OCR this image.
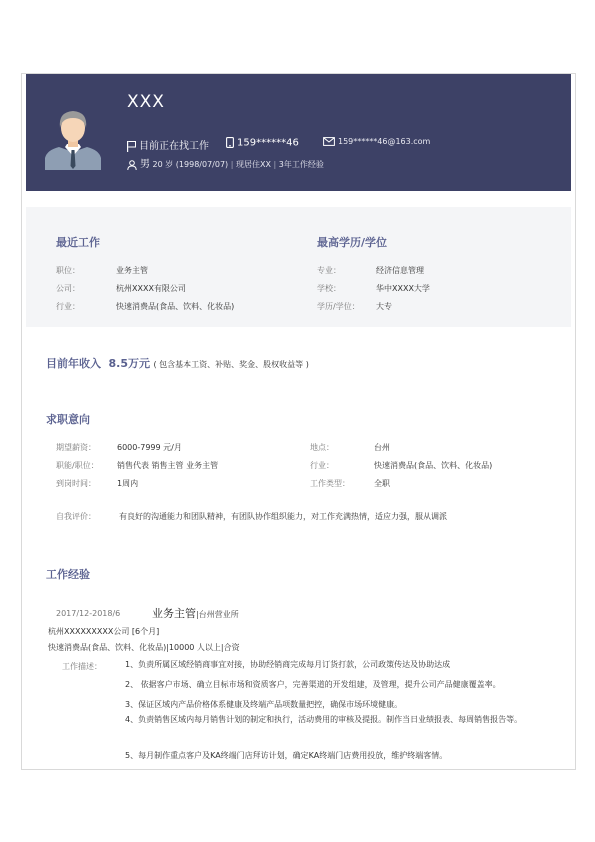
XXX
目前正在找工作	159******46	159******46@163.com
男 20 岁 (1998/07/07) | 现居住XX | 3年工作经验
最近工作
职位：	业务主管
公司：	杭州XXXX有限公司
行业：	快速消费品(食品、饮料、化妆品)
最高学历/学位
专业：	经济信息管理
学校：	华中XXXX大学
学历/学位： 大专
目前年收入 8.5万元 ( 包含基本工资、补贴、奖金、股权收益等 )
求职意向
期望薪资：	6000-7999 元/月	地点：	台州
职能/职位： 销售代表 销售主管 业务主管	行业：	快速消费品(食品、饮料、化妆品)
到岗时间：	1周内	工作类型：	全职
自我评价：	有良好的沟通能力和团队精神，有团队协作组织能力，对工作充满热情，适应力强，服从调派
工作经验
2017/12-2018/6	业务主管|台州营业所
杭州XXXXXXXXX公司 [6个月]
快速消费品(食品、饮料、化妆品)|10000 人以上|合资
工作描述：	1、负责所属区域经销商事宜对接，协助经销商完成每月订货打款，公司政策传达及协助达成
2、 依据客户市场、确立目标市场和资质客户，完善渠道的开发组建，及管理，提升公司产品健康覆盖率。
3、保证区域内产品价格体系健康及终端产品项数量把控，确保市场环境健康。
4、负责销售区域内每月销售计划的制定和执行，活动费用的审核及提报。制作当日业绩报表、每周销售报告等。
5、每月制作重点客户及KA终端门店拜访计划，确定KA终端门店费用投放，维护终端客情。
